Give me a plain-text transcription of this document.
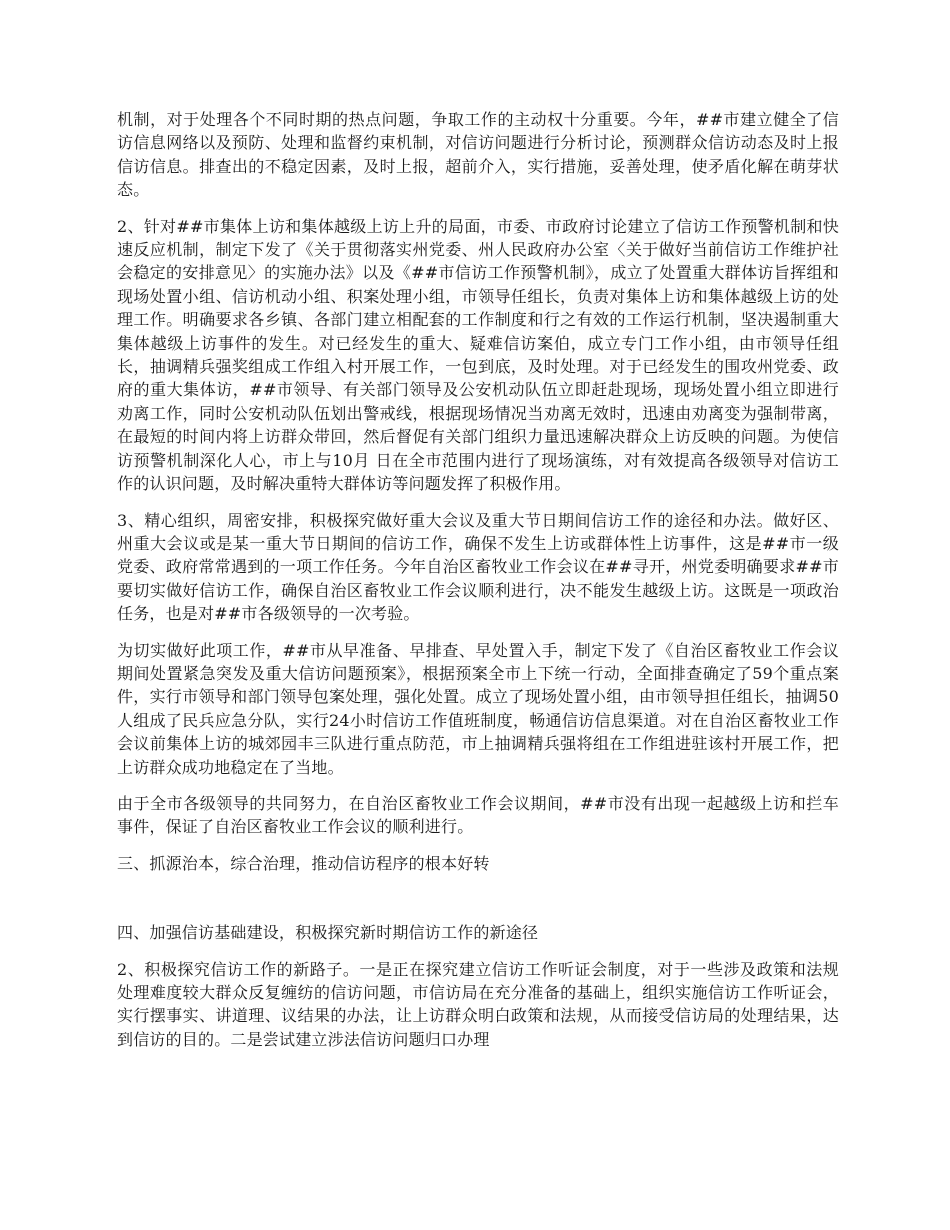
机制，对于处理各个不同时期的热点问题，争取工作的主动权十分重要。今年，##市建立健全了信访信息网络以及预防、处理和监督约束机制，对信访问题进行分析讨论，预测群众信访动态及时上报信访信息。排查出的不稳定因素，及时上报，超前介入，实行措施，妥善处理，使矛盾化解在萌芽状态。

2、针对##市集体上访和集体越级上访上升的局面，市委、市政府讨论建立了信访工作预警机制和快速反应机制，制定下发了《关于贯彻落实州党委、州人民政府办公室〈关于做好当前信访工作维护社会稳定的安排意见〉的实施办法》以及《##市信访工作预警机制》，成立了处置重大群体访旨挥组和现场处置小组、信访机动小组、积案处理小组，市领导任组长，负责对集体上访和集体越级上访的处理工作。明确要求各乡镇、各部门建立相配套的工作制度和行之有效的工作运行机制，坚决遏制重大集体越级上访事件的发生。对已经发生的重大、疑难信访案伯，成立专门工作小组，由市领导任组长，抽调精兵强奖组成工作组入村开展工作，一包到底，及时处理。对于已经发生的围攻州党委、政府的重大集体访，##市领导、有关部门领导及公安机动队伍立即赶赴现场，现场处置小组立即进行劝离工作，同时公安机动队伍划出警戒线，根据现场情况当劝离无效时，迅速由劝离变为强制带离，在最短的时间内将上访群众带回，然后督促有关部门组织力量迅速解决群众上访反映的问题。为使信访预警机制深化人心，市上与10月 日在全市范围内进行了现场演练，对有效提高各级领导对信访工作的认识问题，及时解决重特大群体访等问题发挥了积极作用。

3、精心组织，周密安排，积极探究做好重大会议及重大节日期间信访工作的途径和办法。做好区、州重大会议或是某一重大节日期间的信访工作，确保不发生上访或群体性上访事件，这是##市一级党委、政府常常遇到的一项工作任务。今年自治区畜牧业工作会议在##寻开，州党委明确要求##市要切实做好信访工作，确保自治区畜牧业工作会议顺利进行，决不能发生越级上访。这既是一项政治任务，也是对##市各级领导的一次考验。

为切实做好此项工作，##市从早准备、早排查、早处置入手，制定下发了《自治区畜牧业工作会议期间处置紧急突发及重大信访问题预案》，根据预案全市上下统一行动，全面排查确定了59个重点案件，实行市领导和部门领导包案处理，强化处置。成立了现场处置小组，由市领导担任组长，抽调50人组成了民兵应急分队，实行24小时信访工作值班制度，畅通信访信息渠道。对在自治区畜牧业工作会议前集体上访的城郊园丰三队进行重点防范，市上抽调精兵强将组在工作组进驻该村开展工作，把上访群众成功地稳定在了当地。

由于全市各级领导的共同努力，在自治区畜牧业工作会议期间，##市没有出现一起越级上访和拦车事件，保证了自治区畜牧业工作会议的顺利进行。

三、抓源治本，综合治理，推动信访程序的根本好转

四、加强信访基础建设，积极探究新时期信访工作的新途径

2、积极探究信访工作的新路子。一是正在探究建立信访工作听证会制度，对于一些涉及政策和法规处理难度较大群众反复缠纺的信访问题，市信访局在充分准备的基础上，组织实施信访工作听证会，实行摆事实、讲道理、议结果的办法，让上访群众明白政策和法规，从而接受信访局的处理结果，达到信访的目的。二是尝试建立涉法信访问题归口办理
